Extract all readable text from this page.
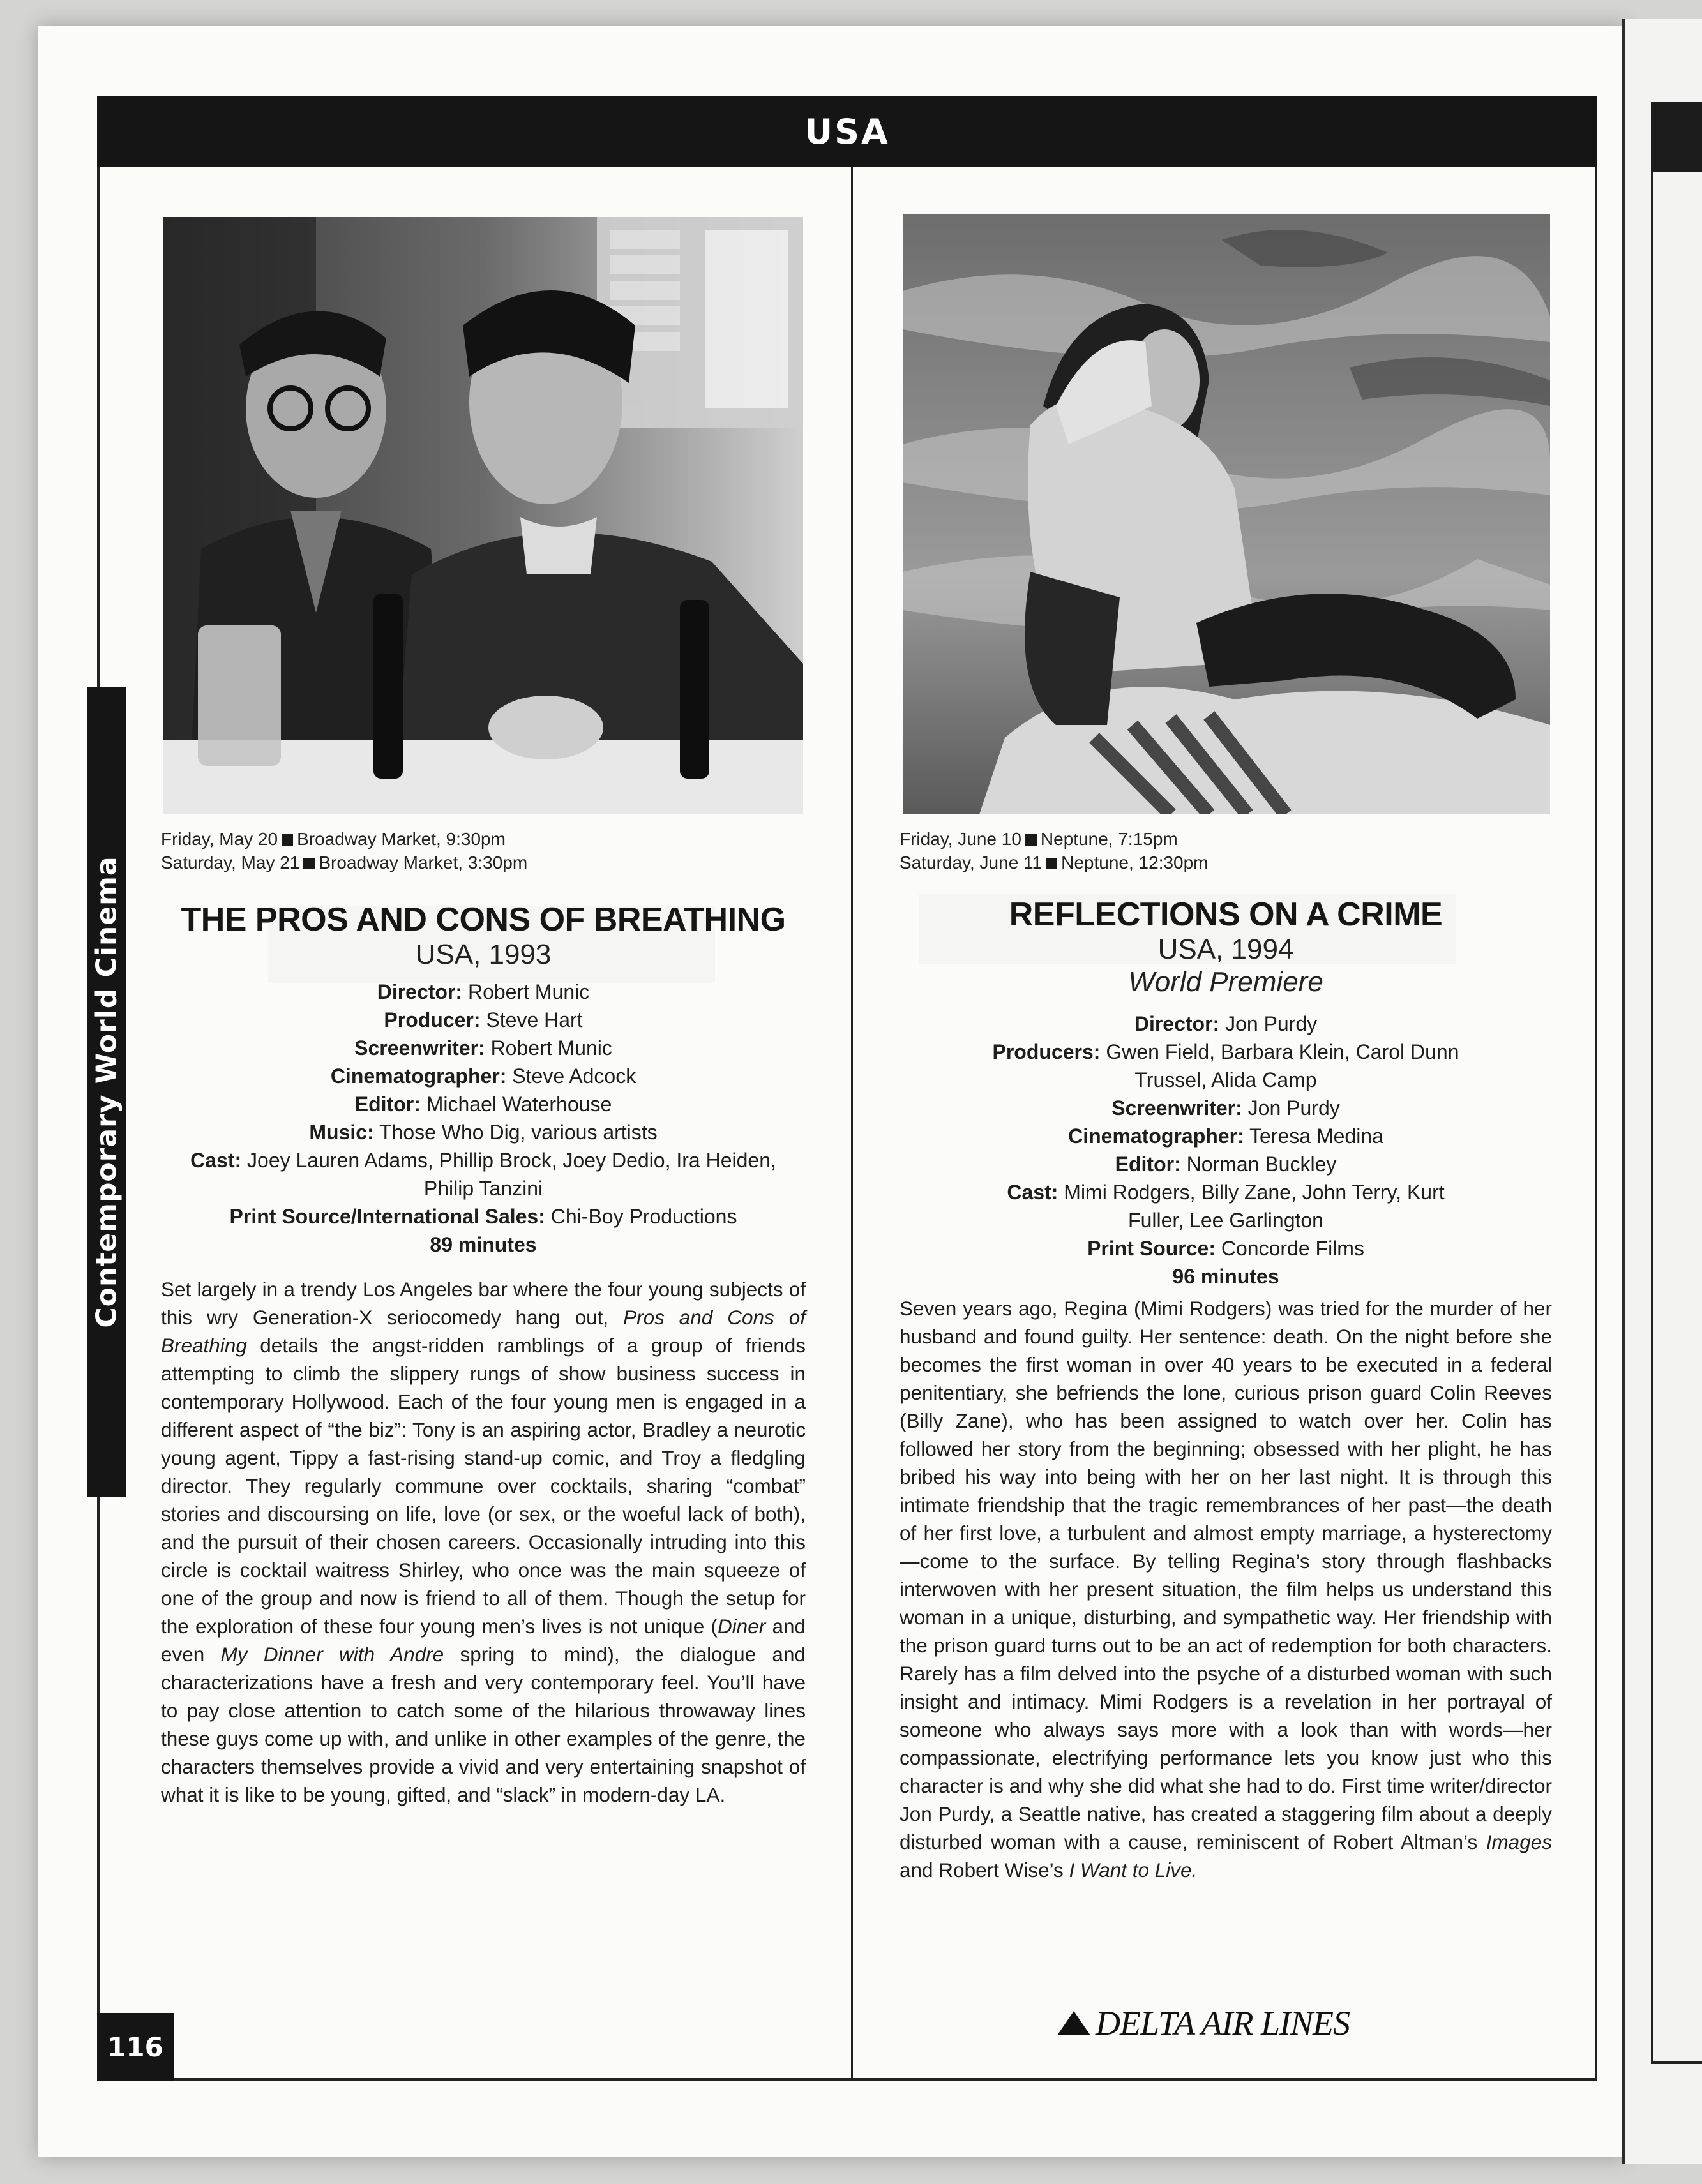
USA
Contemporary World Cinema
Friday, May 20 Broadway Market, 9:30pm
Saturday, May 21 Broadway Market, 3:30pm
THE PROS AND CONS OF BREATHING
USA, 1993
Director: Robert Munic
Producer: Steve Hart
Screenwriter: Robert Munic
Cinematographer: Steve Adcock
Editor: Michael Waterhouse
Music: Those Who Dig, various artists
Cast: Joey Lauren Adams, Phillip Brock, Joey Dedio, Ira Heiden, Philip Tanzini
Print Source/International Sales: Chi-Boy Productions
89 minutes
Set largely in a trendy Los Angeles bar where the four young subjects of this wry Generation-X seriocomedy hang out, Pros and Cons of Breathing details the angst-ridden ramblings of a group of friends attempting to climb the slippery rungs of show business success in contemporary Hollywood. Each of the four young men is engaged in a different aspect of “the biz”: Tony is an aspiring actor, Bradley a neurotic young agent, Tippy a fast-rising stand-up comic, and Troy a fledgling director. They regularly commune over cocktails, sharing “combat” stories and discoursing on life, love (or sex, or the woeful lack of both), and the pursuit of their chosen careers. Occasionally intruding into this circle is cocktail waitress Shirley, who once was the main squeeze of one of the group and now is friend to all of them. Though the setup for the exploration of these four young men’s lives is not unique (Diner and even My Dinner with Andre spring to mind), the dialogue and characterizations have a fresh and very contemporary feel. You’ll have to pay close attention to catch some of the hilarious throwaway lines these guys come up with, and unlike in other examples of the genre, the characters themselves provide a vivid and very entertaining snapshot of what it is like to be young, gifted, and “slack” in modern-day LA.
Friday, June 10 Neptune, 7:15pm
Saturday, June 11 Neptune, 12:30pm
REFLECTIONS ON A CRIME
USA, 1994
World Premiere
Director: Jon Purdy
Producers: Gwen Field, Barbara Klein, Carol Dunn Trussel, Alida Camp
Screenwriter: Jon Purdy
Cinematographer: Teresa Medina
Editor: Norman Buckley
Cast: Mimi Rodgers, Billy Zane, John Terry, Kurt Fuller, Lee Garlington
Print Source: Concorde Films
96 minutes
Seven years ago, Regina (Mimi Rodgers) was tried for the murder of her husband and found guilty. Her sentence: death. On the night before she becomes the first woman in over 40 years to be executed in a federal penitentiary, she befriends the lone, curious prison guard Colin Reeves (Billy Zane), who has been assigned to watch over her. Colin has followed her story from the beginning; obsessed with her plight, he has bribed his way into being with her on her last night. It is through this intimate friendship that the tragic remembrances of her past—the death of her first love, a turbulent and almost empty marriage, a hysterectomy—come to the surface. By telling Regina’s story through flashbacks interwoven with her present situation, the film helps us understand this woman in a unique, disturbing, and sympathetic way. Her friendship with the prison guard turns out to be an act of redemption for both characters. Rarely has a film delved into the psyche of a disturbed woman with such insight and intimacy. Mimi Rodgers is a revelation in her portrayal of someone who always says more with a look than with words—her compassionate, electrifying performance lets you know just who this character is and why she did what she had to do. First time writer/director Jon Purdy, a Seattle native, has created a staggering film about a deeply disturbed woman with a cause, reminiscent of Robert Altman’s Images and Robert Wise’s I Want to Live.
116
DELTA AIR LINES
